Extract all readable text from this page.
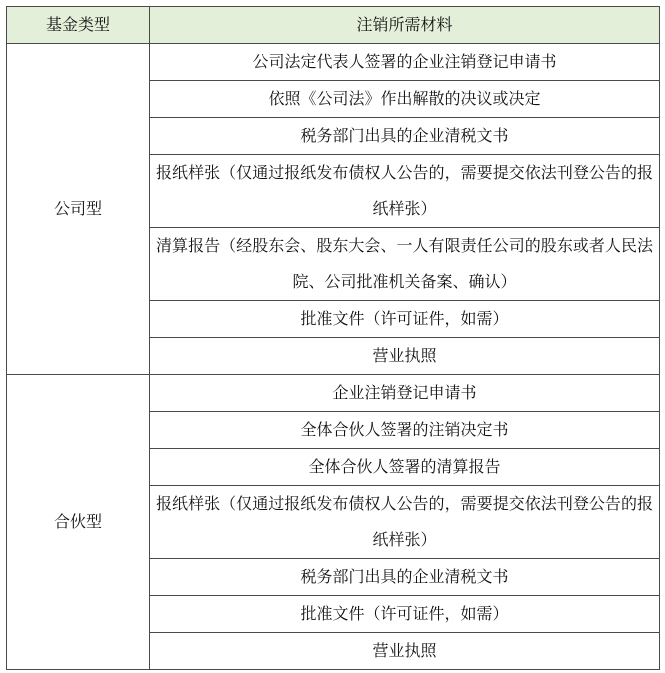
基金类型	注销所需材料
公司型	公司法定代表人签署的企业注销登记申请书
	依照《公司法》作出解散的决议或决定
	税务部门出具的企业清税文书

	报纸样张（仅通过报纸发布债权人公告的，需要提交依法刊登公告的报纸样张）

	清算报告（经股东会、股东大会、一人有限责任公司的股东或者人民法院、公司批准机关备案、确认）

	批准文件（许可证件，如需）
	营业执照
合伙型	企业注销登记申请书
	全体合伙人签署的注销决定书
	全体合伙人签署的清算报告

	报纸样张（仅通过报纸发布债权人公告的，需要提交依法刊登公告的报纸样张）

	税务部门出具的企业清税文书
	批准文件（许可证件，如需）
	营业执照
